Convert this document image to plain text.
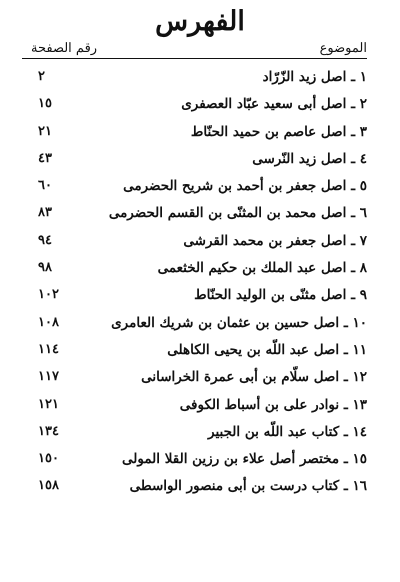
الفهرس
الموضوع
رقم الصفحة
١ ـ اصل زيد الزّرّاد
٢
٢ ـ اصل أبى سعيد عبّاد العصفرى
١٥
٣ ـ اصل عاصم بن حميد الحنّاط
٢١
٤ ـ اصل زيد النّرسى
٤٣
٥ ـ اصل جعفر بن أحمد بن شريح الحضرمى
٦٠
٦ ـ اصل محمد بن المثنّى بن القسم الحضرمى
٨٣
٧ ـ اصل جعفر بن محمد القرشى
٩٤
٨ ـ اصل عبد الملك بن حكيم الخثعمى
٩٨
٩ ـ اصل مثنّى بن الوليد الحنّاط
١٠٢
١٠ ـ اصل حسين بن عثمان بن شريك العامرى
١٠٨
١١ ـ اصل عبد اللّه بن يحيى الكاهلى
١١٤
١٢ ـ اصل سلّام بن أبى عمرة الخراسانى
١١٧
١٣ ـ نوادر على بن أسباط الكوفى
١٢١
١٤ ـ كتاب عبد اللّه بن الجبير
١٣٤
١٥ ـ مختصر أصل علاء بن رزين القلا المولى
١٥٠
١٦ ـ كتاب درست بن أبى منصور الواسطى
١٥٨
